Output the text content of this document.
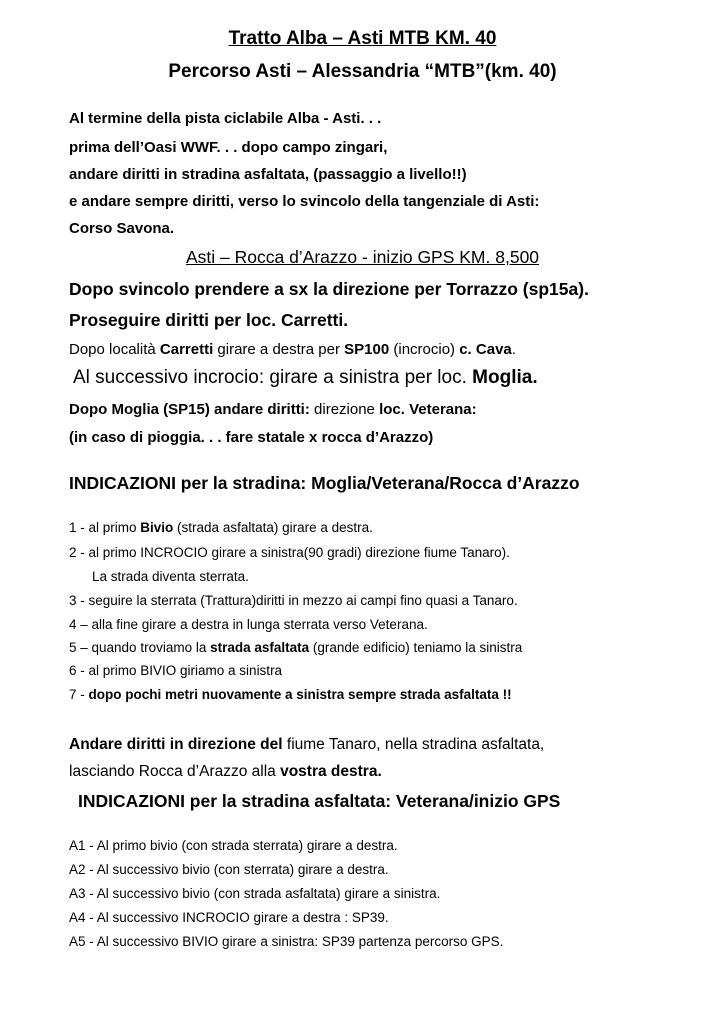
Tratto Alba – Asti MTB KM. 40
Percorso Asti – Alessandria “MTB”(km. 40)
Al termine della pista ciclabile Alba - Asti. . .
prima dell’Oasi WWF. . . dopo campo zingari,
andare diritti in stradina asfaltata, (passaggio a livello!!)
e andare sempre diritti, verso lo svincolo della tangenziale di Asti:
Corso Savona.
Asti – Rocca d’Arazzo - inizio GPS KM. 8,500
Dopo svincolo prendere a sx la direzione per Torrazzo (sp15a).
Proseguire diritti per loc. Carretti.
Dopo località Carretti girare a destra per SP100 (incrocio) c. Cava.
Al successivo incrocio: girare a sinistra per loc. Moglia.
Dopo Moglia (SP15) andare diritti: direzione loc. Veterana:
(in caso di pioggia. . . fare statale x rocca d’Arazzo)
INDICAZIONI per la stradina: Moglia/Veterana/Rocca d’Arazzo
1 - al primo Bivio (strada asfaltata) girare a destra.
2 - al primo INCROCIO girare a sinistra(90 gradi) direzione fiume Tanaro).
La strada diventa sterrata.
3 - seguire la sterrata (Trattura)diritti in mezzo ai campi fino quasi a Tanaro.
4 – alla fine girare a destra in lunga sterrata verso Veterana.
5 – quando troviamo la strada asfaltata (grande edificio) teniamo la sinistra
6 - al primo BIVIO giriamo a sinistra
7 - dopo pochi metri nuovamente a sinistra sempre strada asfaltata !!
Andare diritti in direzione del fiume Tanaro, nella stradina asfaltata,
lasciando Rocca d’Arazzo alla vostra destra.
INDICAZIONI per la stradina asfaltata: Veterana/inizio GPS
A1 - Al primo bivio (con strada sterrata) girare a destra.
A2 - Al successivo bivio (con sterrata) girare a destra.
A3 - Al successivo bivio (con strada asfaltata) girare a sinistra.
A4 - Al successivo INCROCIO girare a destra : SP39.
A5 - Al successivo BIVIO girare a sinistra: SP39 partenza percorso GPS.
